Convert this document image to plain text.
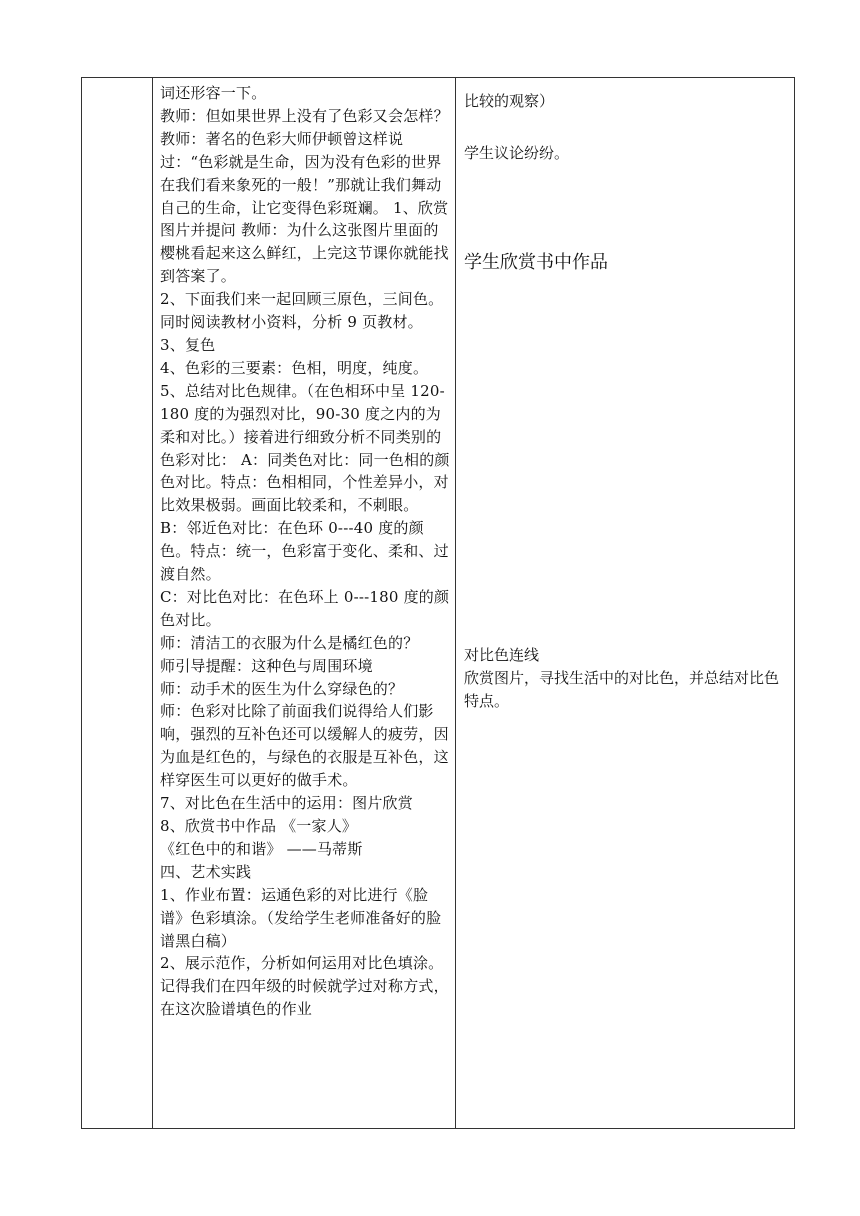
词还形容一下。

教师：但如果世界上没有了色彩又会怎样？教师：著名的色彩大师伊顿曾这样说过：“色彩就是生命，因为没有色彩的世界在我们看来象死的一般！”那就让我们舞动自己的生命，让它变得色彩斑斓。 1、欣赏图片并提问 教师：为什么这张图片里面的樱桃看起来这么鲜红，上完这节课你就能找到答案了。

2、下面我们来一起回顾三原色，三间色。同时阅读教材小资料，分析 9 页教材。 3、复色

4、色彩的三要素：色相，明度，纯度。

5、总结对比色规律。（在色相环中呈 120-180 度的为强烈对比，90-30 度之内的为柔和对比。）接着进行细致分析不同类别的色彩对比： A：同类色对比：同一色相的颜色对比。特点：色相相同，个性差异小，对比效果极弱。画面比较柔和，不刺眼。

B：邻近色对比：在色环 0---40 度的颜色。特点：统一，色彩富于变化、柔和、过渡自然。

C：对比色对比：在色环上 0---180 度的颜色对比。

师：清洁工的衣服为什么是橘红色的？

师引导提醒：这种色与周围环境

师：动手术的医生为什么穿绿色的？

师：色彩对比除了前面我们说得给人们影响，强烈的互补色还可以缓解人的疲劳，因为血是红色的，与绿色的衣服是互补色，这样穿医生可以更好的做手术。

7、对比色在生活中的运用：图片欣赏

8、欣赏书中作品 《一家人》

《红色中的和谐》 ——马蒂斯

四、艺术实践

1、作业布置：运通色彩的对比进行《脸谱》色彩填涂。（发给学生老师准备好的脸谱黑白稿）

2、展示范作，分析如何运用对比色填涂。记得我们在四年级的时候就学过对称方式，在这次脸谱填色的作业

比较的观察）

学生议论纷纷。

学生欣赏书中作品

对比色连线

欣赏图片，寻找生活中的对比色，并总结对比色特点。
